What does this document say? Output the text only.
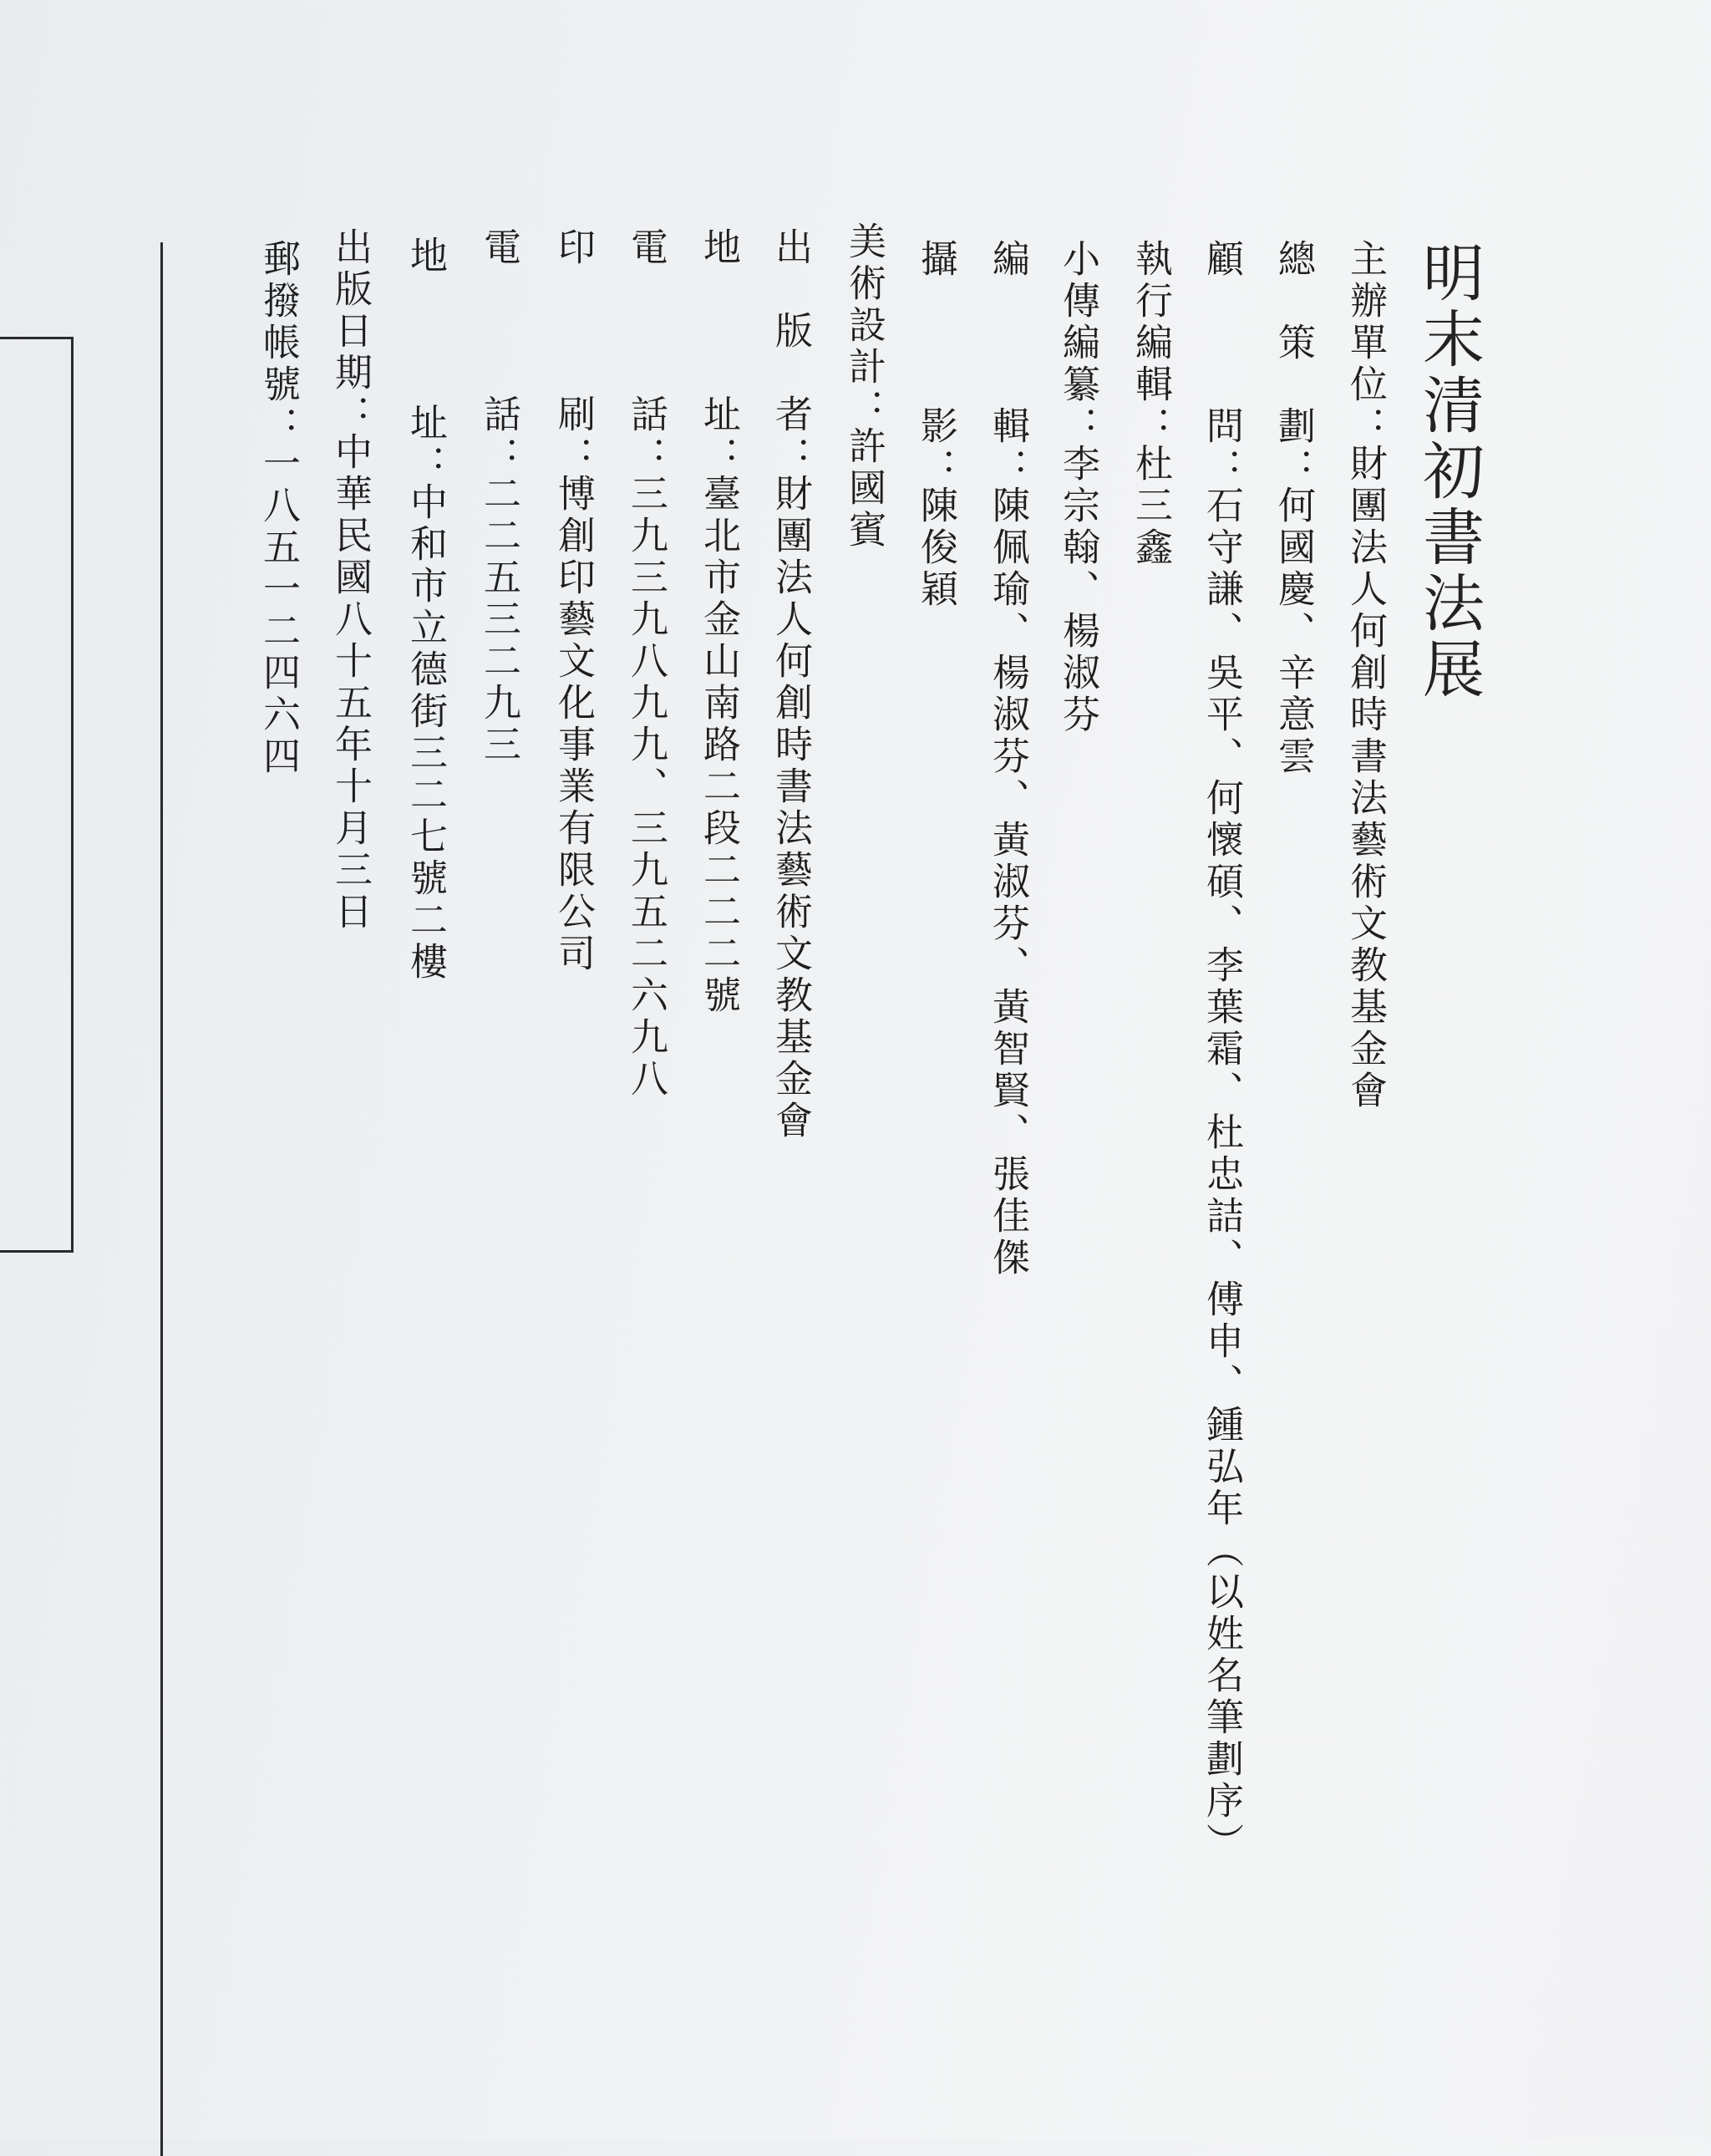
明末清初書法展
主辦單位：財團法人何創時書法藝術文教基金會
總　策　劃：何國慶、辛意雲
顧　　　問：石守謙、吳平、何懷碩、李葉霜、杜忠詰、傅申、鍾弘年（以姓名筆劃序）
執行編輯：杜三鑫
小傳編纂：李宗翰、楊淑芬
編　　　輯：陳佩瑜、楊淑芬、黃淑芬、黃智賢、張佳傑
攝　　　影：陳俊穎
美術設計：許國賓
出　版　者：財團法人何創時書法藝術文教基金會
地　　　址：臺北市金山南路二段二二二號
電　　　話：三九三九八九九、三九五二六九八
印　　　刷：博創印藝文化事業有限公司
電　　　話：二二五三二九三
地　　　址：中和市立德街三二七號二樓
出版日期：中華民國八十五年十月三日
郵撥帳號：一八五一二四六四
